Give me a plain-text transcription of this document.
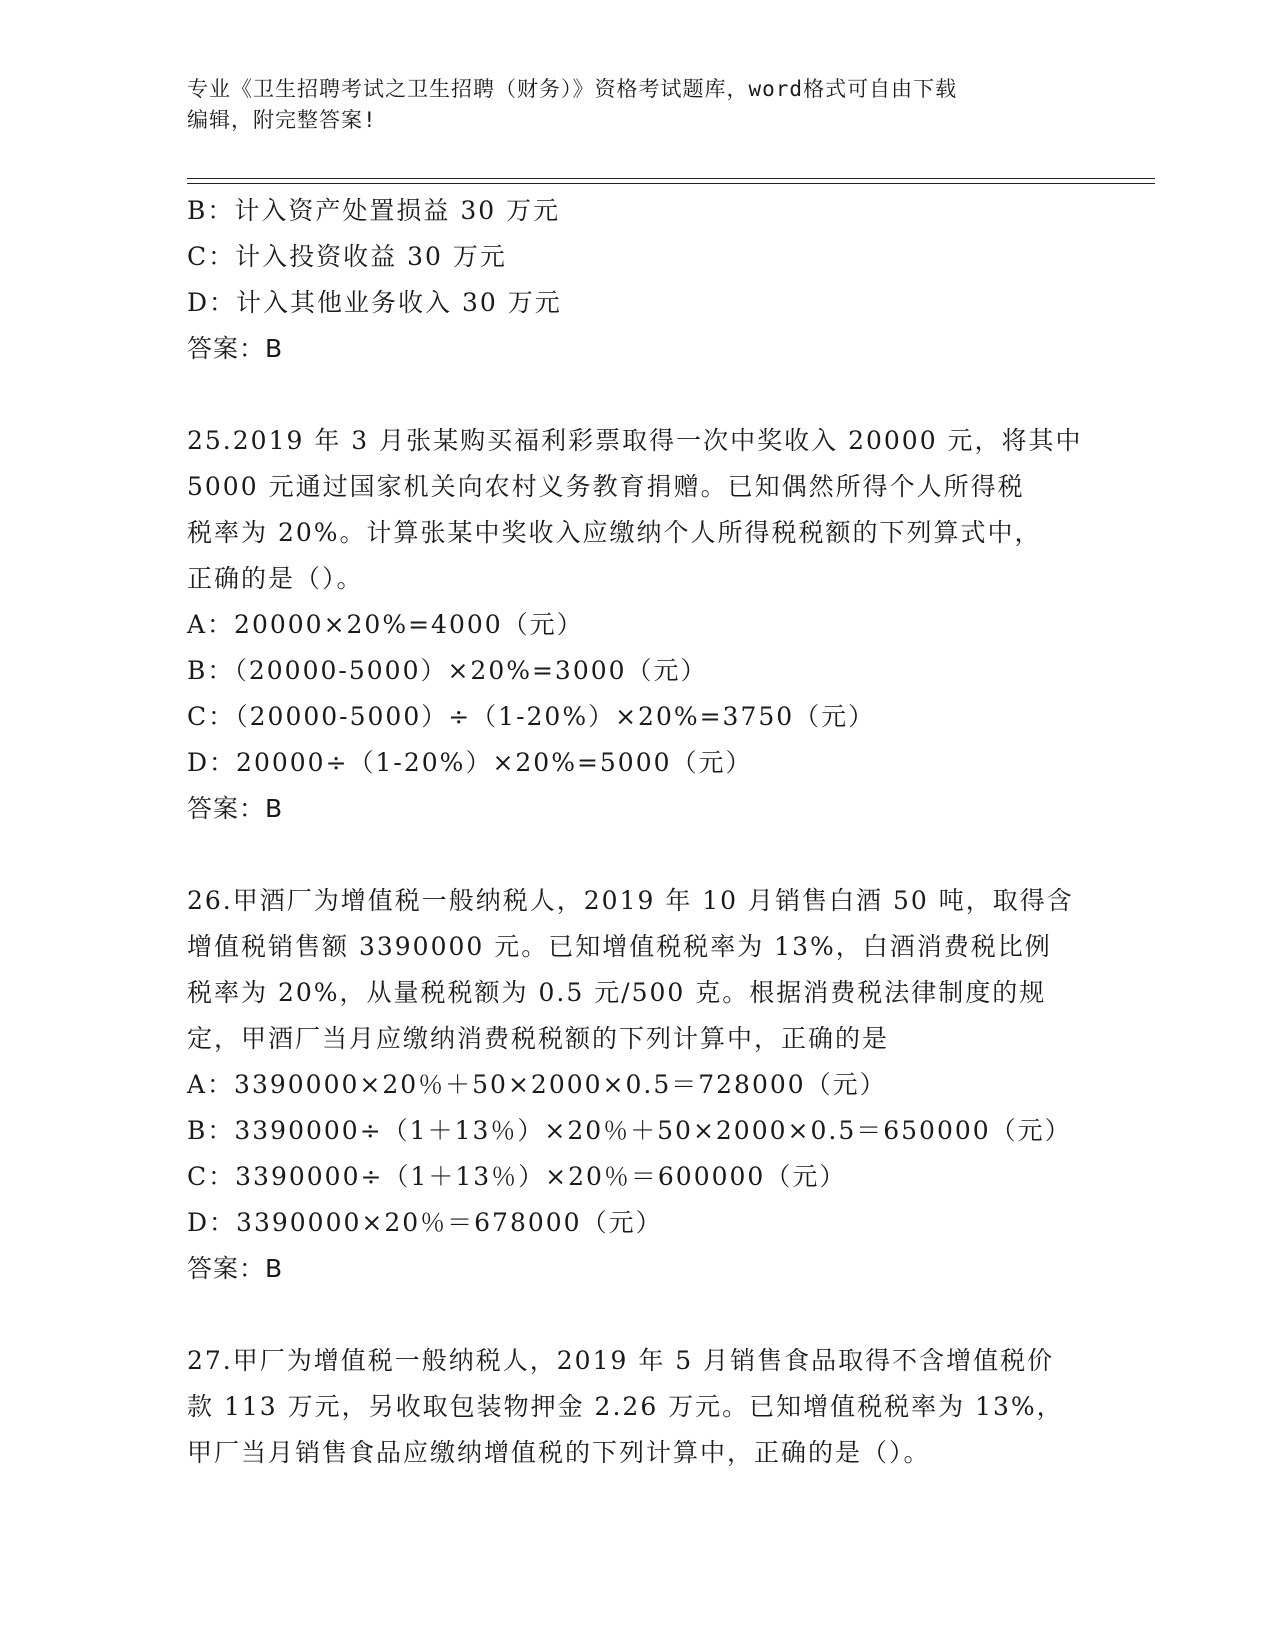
专业《卫生招聘考试之卫生招聘（财务）》资格考试题库，word格式可自由下载
编辑，附完整答案!
B：计入资产处置损益 30 万元
C：计入投资收益 30 万元
D：计入其他业务收入 30 万元
答案：B
25.2019 年 3 月张某购买福利彩票取得一次中奖收入 20000 元，将其中
5000 元通过国家机关向农村义务教育捐赠。已知偶然所得个人所得税
税率为 20%。计算张某中奖收入应缴纳个人所得税税额的下列算式中，
正确的是（）。
A：20000×20%=4000（元）
B：（20000-5000）×20%=3000（元）
C：（20000-5000）÷（1-20%）×20%=3750（元）
D：20000÷（1-20%）×20%=5000（元）
答案：B
26.甲酒厂为增值税一般纳税人，2019 年 10 月销售白酒 50 吨，取得含
增值税销售额 3390000 元。已知增值税税率为 13%，白酒消费税比例
税率为 20%，从量税税额为 0.5 元/500 克。根据消费税法律制度的规
定，甲酒厂当月应缴纳消费税税额的下列计算中，正确的是
A：3390000×20％＋50×2000×0.5＝728000（元）
B：3390000÷（1＋13％）×20％＋50×2000×0.5＝650000（元）
C：3390000÷（1＋13％）×20％＝600000（元）
D：3390000×20％＝678000（元）
答案：B
27.甲厂为增值税一般纳税人，2019 年 5 月销售食品取得不含增值税价
款 113 万元，另收取包装物押金 2.26 万元。已知增值税税率为 13%，
甲厂当月销售食品应缴纳增值税的下列计算中，正确的是（）。
